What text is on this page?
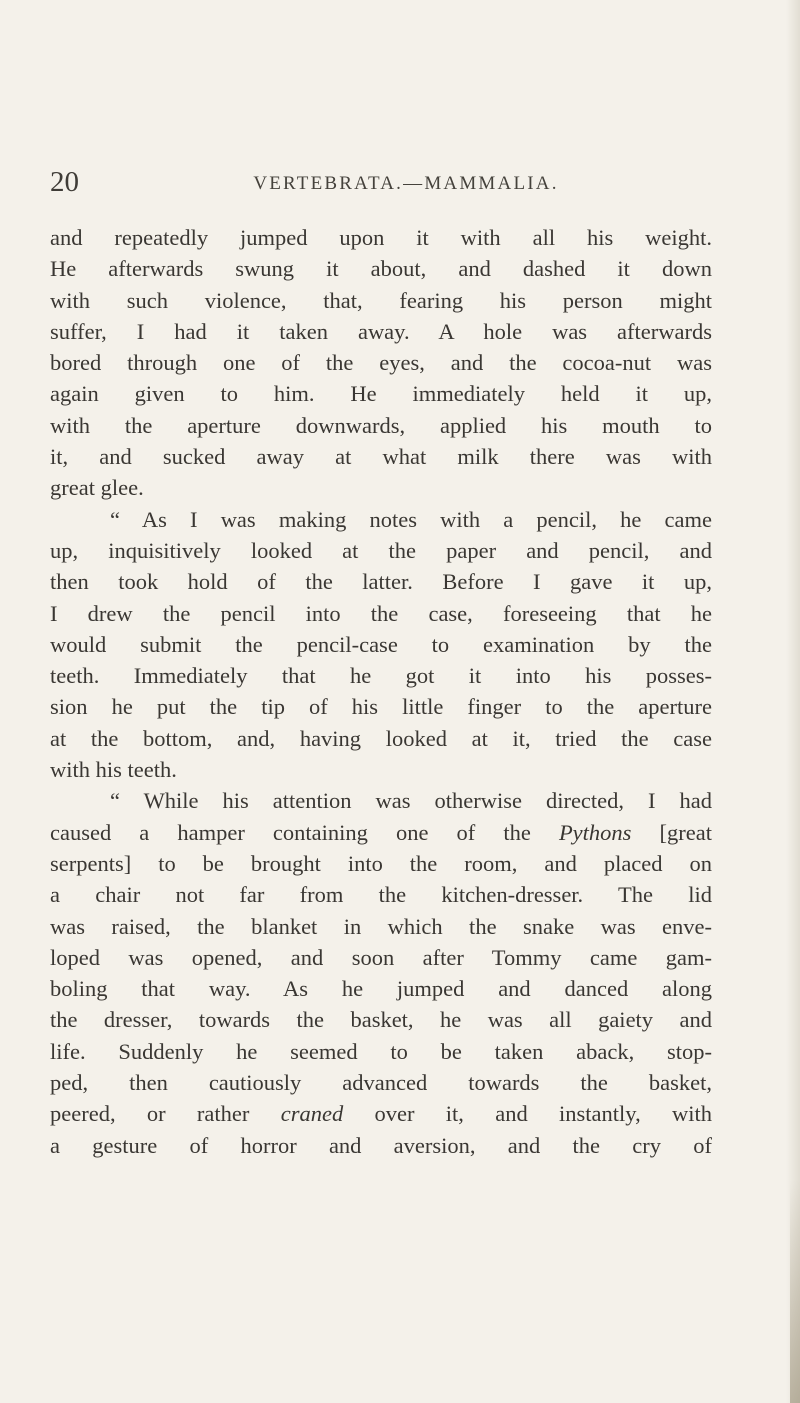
20	VERTEBRATA.—MAMMALIA.
and repeatedly jumped upon it with all his weight.
He afterwards swung it about, and dashed it down
with such violence, that, fearing his person might
suffer, I had it taken away. A hole was afterwards
bored through one of the eyes, and the cocoa-nut was
again given to him. He immediately held it up,
with the aperture downwards, applied his mouth to
it, and sucked away at what milk there was with
great glee.
“ As I was making notes with a pencil, he came
up, inquisitively looked at the paper and pencil, and
then took hold of the latter. Before I gave it up,
I drew the pencil into the case, foreseeing that he
would submit the pencil-case to examination by the
teeth. Immediately that he got it into his posses-
sion he put the tip of his little finger to the aperture
at the bottom, and, having looked at it, tried the case
with his teeth.
“ While his attention was otherwise directed, I had
caused a hamper containing one of the Pythons [great
serpents] to be brought into the room, and placed on
a chair not far from the kitchen-dresser. The lid
was raised, the blanket in which the snake was enve-
loped was opened, and soon after Tommy came gam-
boling that way. As he jumped and danced along
the dresser, towards the basket, he was all gaiety and
life. Suddenly he seemed to be taken aback, stop-
ped, then cautiously advanced towards the basket,
peered, or rather craned over it, and instantly, with
a gesture of horror and aversion, and the cry of
